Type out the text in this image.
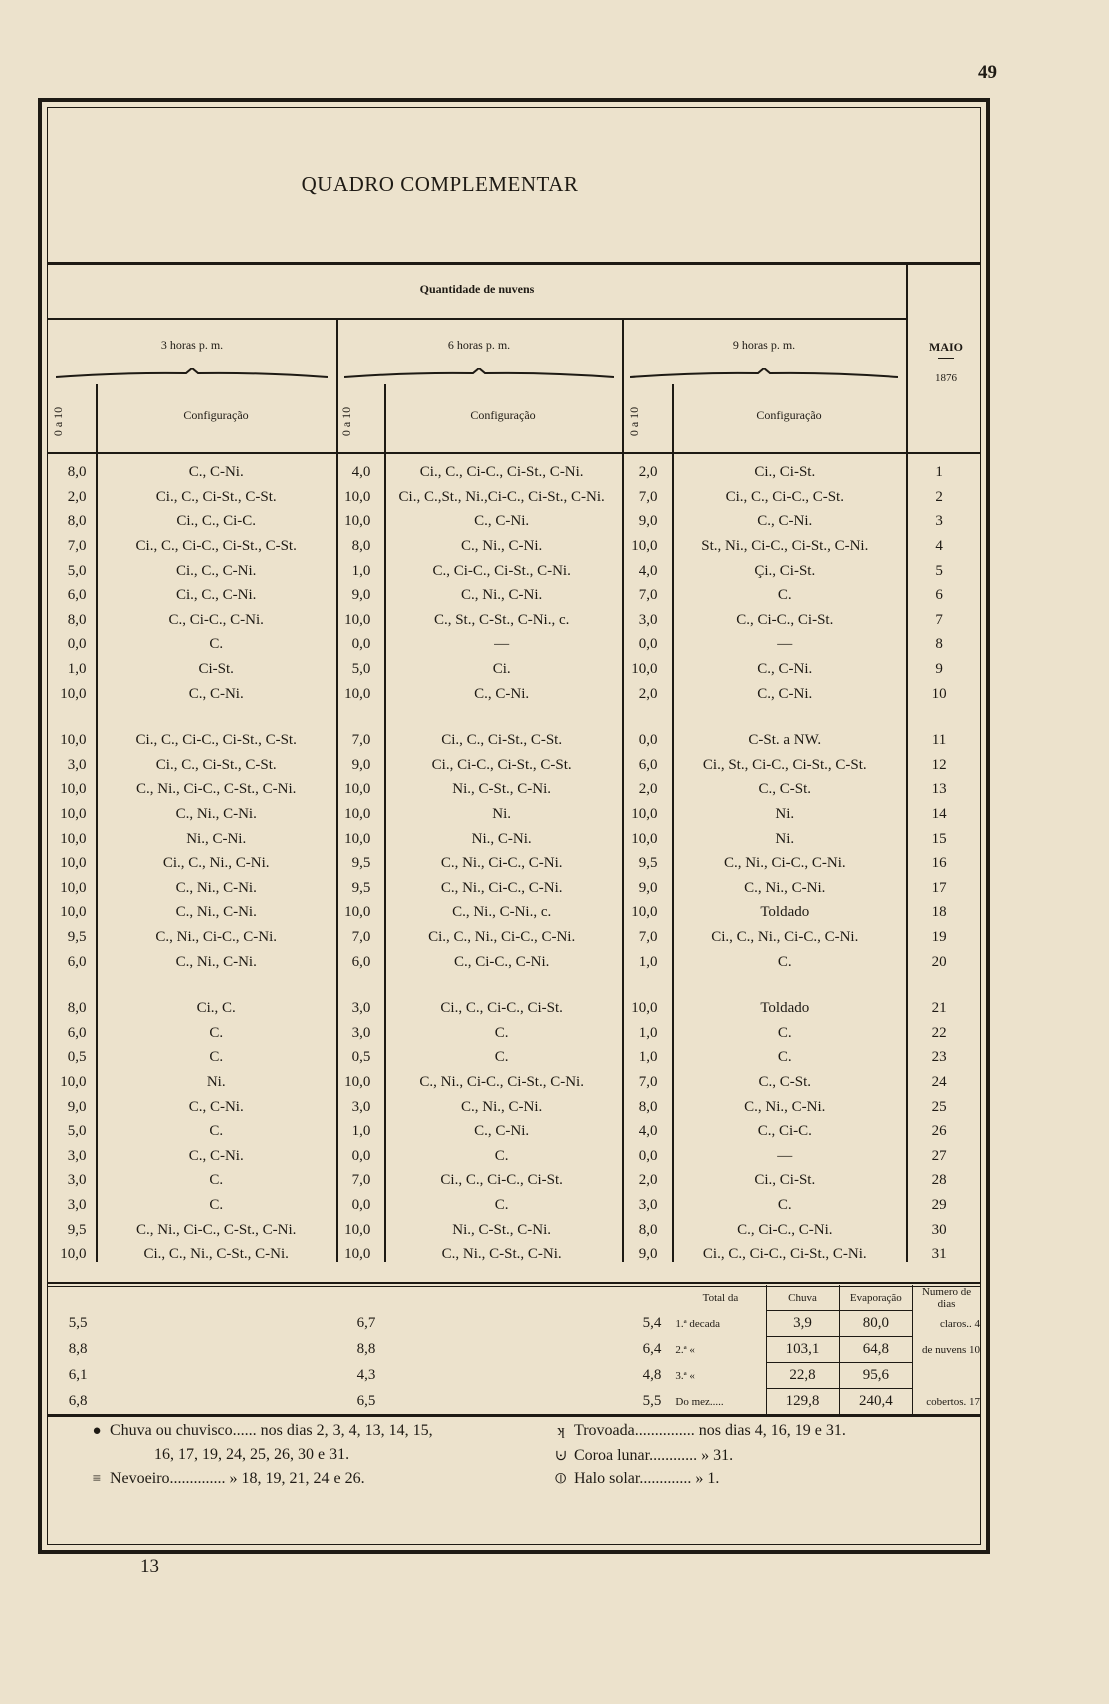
49
QUADRO COMPLEMENTAR
Quantidade de nuvens
3 horas p. m.	6 horas p. m.	9 horas p. m.	MAIO
1876
0 a 10	0 a 10	0 a 10
Configuração	Configuração	Configuração
8,0	C., C-Ni.	4,0	Ci., C., Ci-C., Ci-St., C-Ni.	2,0	Ci., Ci-St.	1
2,0	Ci., C., Ci-St., C-St.	10,0	Ci., C.,St., Ni.,Ci-C., Ci-St., C-Ni.	7,0	Ci., C., Ci-C., C-St.	2
8,0	Ci., C., Ci-C.	10,0	C., C-Ni.	9,0	C., C-Ni.	3
7,0	Ci., C., Ci-C., Ci-St., C-St.	8,0	C., Ni., C-Ni.	10,0	St., Ni., Ci-C., Ci-St., C-Ni.	4
5,0	Ci., C., C-Ni.	1,0	C., Ci-C., Ci-St., C-Ni.	4,0	Çi., Ci-St.	5
6,0	Ci., C., C-Ni.	9,0	C., Ni., C-Ni.	7,0	C.	6
8,0	C., Ci-C., C-Ni.	10,0	C., St., C-St., C-Ni., c.	3,0	C., Ci-C., Ci-St.	7
0,0	C.	0,0	—	0,0	—	8
1,0	Ci-St.	5,0	Ci.	10,0	C., C-Ni.	9
10,0	C., C-Ni.	10,0	C., C-Ni.	2,0	C., C-Ni.	10

10,0	Ci., C., Ci-C., Ci-St., C-St.	7,0	Ci., C., Ci-St., C-St.	0,0	C-St. a NW.	11
3,0	Ci., C., Ci-St., C-St.	9,0	Ci., Ci-C., Ci-St., C-St.	6,0	Ci., St., Ci-C., Ci-St., C-St.	12
10,0	C., Ni., Ci-C., C-St., C-Ni.	10,0	Ni., C-St., C-Ni.	2,0	C., C-St.	13
10,0	C., Ni., C-Ni.	10,0	Ni.	10,0	Ni.	14
10,0	Ni., C-Ni.	10,0	Ni., C-Ni.	10,0	Ni.	15
10,0	Ci., C., Ni., C-Ni.	9,5	C., Ni., Ci-C., C-Ni.	9,5	C., Ni., Ci-C., C-Ni.	16
10,0	C., Ni., C-Ni.	9,5	C., Ni., Ci-C., C-Ni.	9,0	C., Ni., C-Ni.	17
10,0	C., Ni., C-Ni.	10,0	C., Ni., C-Ni., c.	10,0	Toldado	18
9,5	C., Ni., Ci-C., C-Ni.	7,0	Ci., C., Ni., Ci-C., C-Ni.	7,0	Ci., C., Ni., Ci-C., C-Ni.	19
6,0	C., Ni., C-Ni.	6,0	C., Ci-C., C-Ni.	1,0	C.	20

8,0	Ci., C.	3,0	Ci., C., Ci-C., Ci-St.	10,0	Toldado	21
6,0	C.	3,0	C.	1,0	C.	22
0,5	C.	0,5	C.	1,0	C.	23
10,0	Ni.	10,0	C., Ni., Ci-C., Ci-St., C-Ni.	7,0	C., C-St.	24
9,0	C., C-Ni.	3,0	C., Ni., C-Ni.	8,0	C., Ni., C-Ni.	25
5,0	C.	1,0	C., C-Ni.	4,0	C., Ci-C.	26
3,0	C., C-Ni.	0,0	C.	0,0	—	27
3,0	C.	7,0	Ci., C., Ci-C., Ci-St.	2,0	Ci., Ci-St.	28
3,0	C.	0,0	C.	3,0	C.	29
9,5	C., Ni., Ci-C., C-St., C-Ni.	10,0	Ni., C-St., C-Ni.	8,0	C., Ci-C., C-Ni.	30
10,0	Ci., C., Ni., C-St., C-Ni.	10,0	C., Ni., C-St., C-Ni.	9,0	Ci., C., Ci-C., Ci-St., C-Ni.	31
					Total da	Chuva	Evaporação	Numero de dias
5,5		6,7		5,4	1.ª decada	3,9	80,0	claros.. 4
8,8		8,8		6,4	2.ª «	103,1	64,8	de nuvens 10
6,1		4,3		4,8	3.ª «	22,8	95,6	
6,8		6,5		5,5	Do mez.....	129,8	240,4	cobertos. 17
● Chuva ou chuvisco...... nos dias 2, 3, 4, 13, 14, 15,
16, 17, 19, 24, 25, 26, 30 e 31.
≡ Nevoeiro.............. » 18, 19, 21, 24 e 26.
ʞ Trovoada............... nos dias 4, 16, 19 e 31.
⊍ Coroa lunar............ » 31.
⦶ Halo solar............. » 1.
13
